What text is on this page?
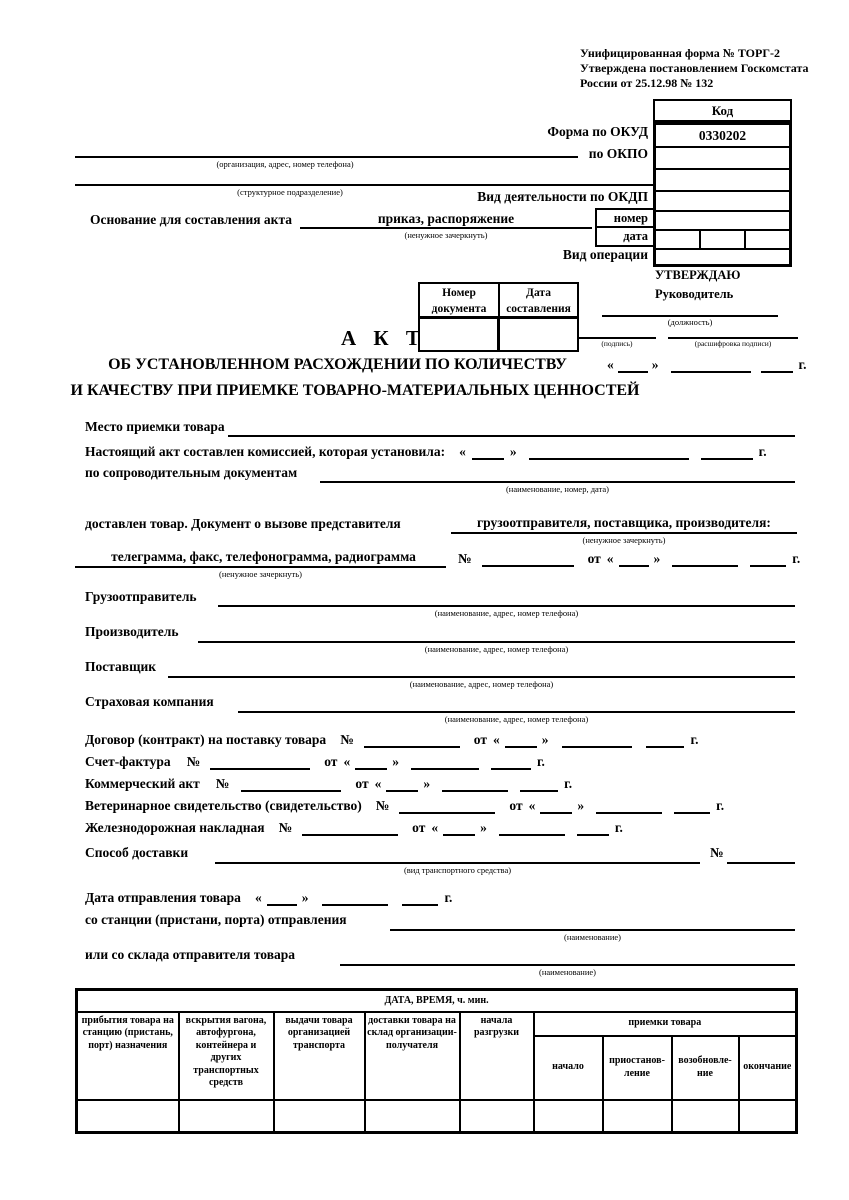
Унифицированная форма № ТОРГ-2
Утверждена постановлением Госкомстата
России от 25.12.98 № 132
Код
0330202
Форма по ОКУД
по ОКПО
Вид деятельности по ОКДП
Вид операции
номер
дата
(организация, адрес, номер телефона)
(структурное подразделение)
Основание для составления акта	приказ, распоряжение
(ненужное зачеркнуть)
УТВЕРЖДАЮ
Руководитель
(должность)
(подпись)	(расшифровка подписи)
«	»	г.
Номер документа
Дата составления
А К Т
ОБ УСТАНОВЛЕННОМ РАСХОЖДЕНИИ ПО КОЛИЧЕСТВУ
И КАЧЕСТВУ ПРИ ПРИЕМКЕ ТОВАРНО-МАТЕРИАЛЬНЫХ ЦЕННОСТЕЙ
Место приемки товара
Настоящий акт составлен комиссией, которая установила: «	»	г.
по сопроводительным документам
(наименование, номер, дата)
доставлен товар. Документ о вызове представителя	грузоотправителя, поставщика, производителя:
(ненужное зачеркнуть)
телеграмма, факс, телефонограмма, радиограмма
(ненужное зачеркнуть)
№	от «	»	г.
Грузоотправитель
(наименование, адрес, номер телефона)
Производитель
(наименование, адрес, номер телефона)
Поставщик
(наименование, адрес, номер телефона)
Страховая компания
(наименование, адрес, номер телефона)
Договор (контракт) на поставку товара №	от «	»	г.
Счет-фактура №	от «	»	г.
Коммерческий акт №	от «	»	г.
Ветеринарное свидетельство (свидетельство) №	от «	»	г.
Железнодорожная накладная №	от «	»	г.
Способ доставки
(вид транспортного средства)
№
Дата отправления товара «	»	г.
со станции (пристани, порта) отправления
(наименование)
или со склада отправителя товара
(наименование)
ДАТА, ВРЕМЯ, ч. мин.								
прибытия товара на станцию (пристань, порт) назначения	вскрытия вагона, автофургона, контейнера и других транспортных средств	выдачи товара организацией транспорта	доставки товара на склад организации-получателя	начала разгрузки	приемки товара			
					начало	приостанов-ление	возобновле-ние	окончание
